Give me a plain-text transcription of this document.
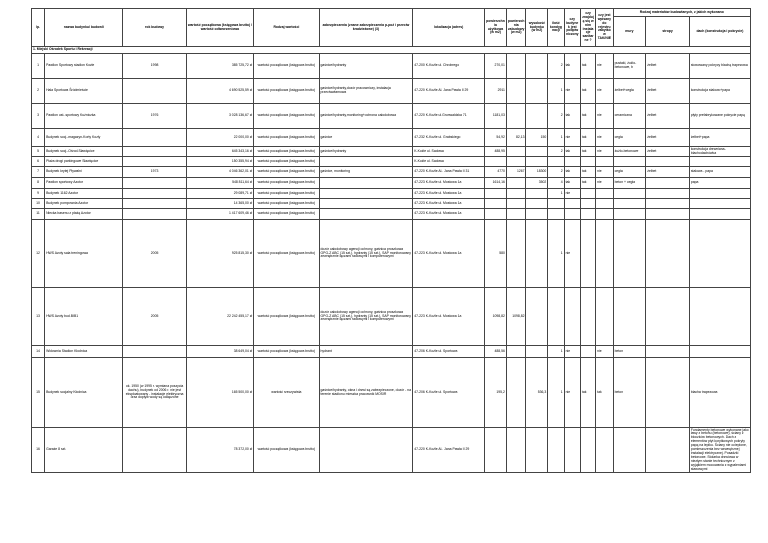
lp.	nazwa budynku/ budowli	rok budowy	wartość początkowa (księgowa brutto) / wartość odtworzeniowa	Rodzaj wartości	zabezpieczenia (znane zabezpieczenia p-poż i przeciw kradzieżowe) (3)	lokalizacja (adres)	powierzchnia użytkowa (w m2)	powierzchnia zabudowy (w m2)	wysokość budynku (w m2)	ilość kondygnacji	czy budynek jest podpiwniczony	czy znajdują się w nim instalacje sanitarne ?	czy jest wpisany do rejestru zabytków TAK/NIE	Rodzaj materiałów budowlanych, z jakich wykonano		
														mury	stropy	dach (konstrukcja i pokrycie)
1. Miejski Ośrodek Sportu i Rekreacji																
1	Pawilon Sportowy stadion Kozle	1998	385 725,72 zł	wartość początkowa (księgowa brutto)	gaśnice/hydranty	47-200 K-Koźle ul. Chrobrego	270,01			2	tak	tak	nie	pustaki, żużlo-betonowe, b	żelbet	stowowany pokrycy blachą trapezowa
2	Hala Sportowa Śródmieście		4 690 525,59 zł	wartość początkowa (księgowa brutto)	gaśnice/hydranty,dozór pracowniczy, instalacja przeciwwłamowa	47-220 K-Koźle Al. Jana Pawła II 29	2911			1	nie	tak	nie	żelbet+cegła	żelbet	konstrukcja stalowo+papa
3	Pawilon ust.-sportowy Kuźniczka	1976	3 028 136,67 zł	wartość początkowa (księgowa brutto)	gaśnice/hydranty,monitoring+ochrona całodobowa	47-220 K-Koźle ul.Grunwaldzka 71	1181,03			2	tak	tak	nie	ceramiczna	żelbet	płyty prefabrykowane pokrycie papą
4	Budynek socj.-magazyn-Korty Kozly		22 000,00 zł	wartość początkowa (księgowa brutto)	gaśnice	47-232 K-Koźle ul. Grabskiego	54,92	82,13	150	1	nie	tak	nie	cegła	żelbet	żelbet+papa
5	Budynek socj.-Ośrod.Sławięcice		645 343,16 zł	wartość początkowa (księgowa brutto)	gaśnice/hydranty	K-Koźle ul. Sadowa	488,95			2	tak	tak	nie	żużlo-betonowe	żelbet	konstrukcja drewniana-blachodachówka
6	Plaża drogi parkingowe Sławięcice		150 355,94 zł	wartość początkowa (księgowa brutto)		K-Koźle ul. Sadowa										
7	Budynek krytej Pływalni	1973	4 046 362,01 zł	wartość początkowa (księgowa brutto)	gaśnice, monitoring	47-220 K-Koźle Al.. Jana Pawła II 31	4770	1267	18300	2	tak	tak	nie	cegła	żelbet	stalowa - papa
8	Pawilon sportowy Azotor		548 811,64 zł	wartość początkowa (księgowa brutto)		47-223 K-Koźle ul. Mostowa 1a	1614,16		3502	4	tak	tak	nie	beton + cegła		papa
9	Budynek 1162 Azotor		29 089,71 zł	wartość początkowa (księgowa brutto)		47-223 K-Koźle ul. Mostowa 1a				1	nie					
10	Budynek pompownia Azotor		14 365,00 zł	wartość początkowa (księgowa brutto)		47-223 K-Koźle ul. Mostowa 1a										
11	Niecka basenu z płażą Azotor		1 417 609,46 zł	wartość początkowa (księgowa brutto)		47-223 K-Koźle ul. Mostowa 1a										
12	HWS Azoty sala treningowa	2005	925 815,30 zł	wartość początkowa (księgowa brutto)	dozór całodobowy agencji ochrony, gaśnica proszkowa GPG-Z ABC (15 szt.), hydranty (15 szt.), SAP monitorowany zewnętrznie łączami radiowymi i komputerowymi	47-223 K-Koźle ul. Mostowa 1a	580			1	nie					
13	HWS Azoty bud.BIB1	2005	22 242 455,17 zł	wartość początkowa (księgowa brutto)	dozór całodobowy agencji ochrony, gaśnica proszkowa GPG-Z ABC (15 szt.), hydranty (15 szt.), SAP monitorowany zewnętrznie łączami radiowymi i komputerowymi	47-223 K-Koźle ul. Mostowa 1a	1098,82	1098,82								
14	Widownia Stadion Kłodnica		38 649,04 zł	wartość początkowa (księgowa brutto)	hydrant	47-206 K-Koźle ul. Sportowa	488,56			1	nie		nie	beton		
15	Budynek socjalny Kłodnica	ok. 1950 (w 1995 r. wymiana poszycia dachu), budynek od 2006 r. nie jest eksploatowany - instalacje elektryczna oraz dopływ wody są odłączone	165 500,00 zł	wartość rzeczywista	gaśnice/hydranty, okna i drzwi są zabezpieczone, dozór - na terenie stadionu mieszka pracownik MOSIR	47-206 K-Koźle ul. Sportowa	195,2		536,3	1	nie	tak	tak	beton		blacha trapezowa
16	Garaże 8 szt.		78 372,00 zł	wartość początkowa (księgowa brutto)		47-220 K-Koźle Al.. Jana Pawła II 29										Fundamenty betonowe wykonane jako ławy z betonu (betonowe), ściany z bloczków betonowych. Dach z elementów płyt korytkowych pokryty papą na lepiku. Ściany nie ocieplone, pomieszczenia bez wewnętrznej instalacji elektrycznej. Posadzki betonowe. Stolarka drzwiowa w niezłym stanie technicznym z wyjątkiem mocowania z wypaleniami stawowymi
